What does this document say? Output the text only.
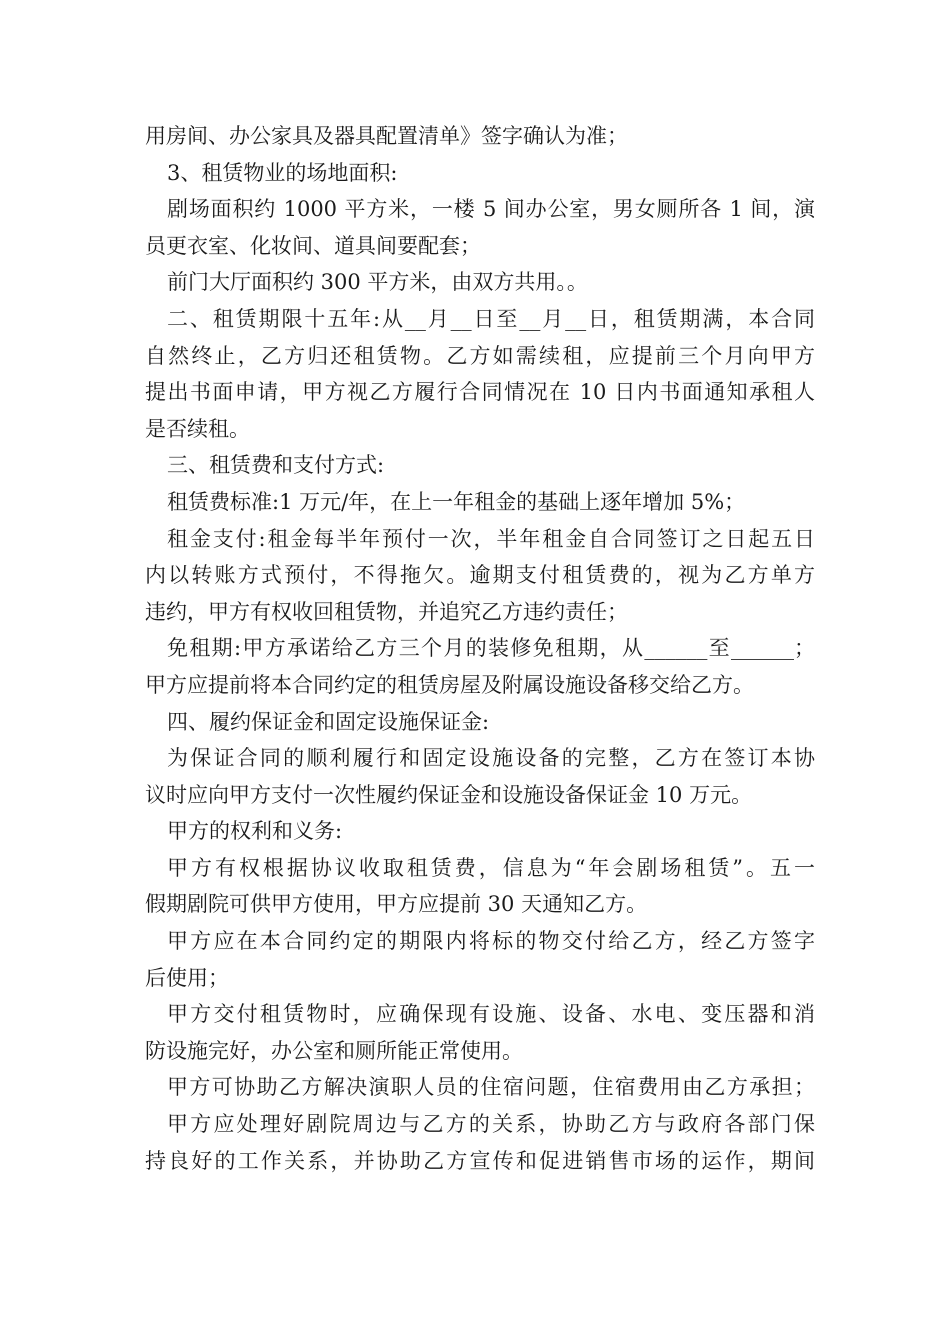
用房间、办公家具及器具配置清单》签字确认为准；
3、租赁物业的场地面积:
剧场面积约 1000 平方米，一楼 5 间办公室，男女厕所各 1 间，演
员更衣室、化妆间、道具间要配套；
前门大厅面积约 300 平方米，由双方共用。。
二、租赁期限十五年:从__月__日至__月__日，租赁期满，本合同
自然终止，乙方归还租赁物。乙方如需续租，应提前三个月向甲方
提出书面申请，甲方视乙方履行合同情况在 10 日内书面通知承租人
是否续租。
三、租赁费和支付方式:
租赁费标准:1 万元/年，在上一年租金的基础上逐年增加 5%；
租金支付:租金每半年预付一次，半年租金自合同签订之日起五日
内以转账方式预付，不得拖欠。逾期支付租赁费的，视为乙方单方
违约，甲方有权收回租赁物，并追究乙方违约责任；
免租期:甲方承诺给乙方三个月的装修免租期，从______至______；
甲方应提前将本合同约定的租赁房屋及附属设施设备移交给乙方。
四、履约保证金和固定设施保证金:
为保证合同的顺利履行和固定设施设备的完整，乙方在签订本协
议时应向甲方支付一次性履约保证金和设施设备保证金 10 万元。
甲方的权利和义务:
甲方有权根据协议收取租赁费，信息为“年会剧场租赁”。五一
假期剧院可供甲方使用，甲方应提前 30 天通知乙方。
甲方应在本合同约定的期限内将标的物交付给乙方，经乙方签字
后使用；
甲方交付租赁物时，应确保现有设施、设备、水电、变压器和消
防设施完好，办公室和厕所能正常使用。
甲方可协助乙方解决演职人员的住宿问题，住宿费用由乙方承担；
甲方应处理好剧院周边与乙方的关系，协助乙方与政府各部门保
持良好的工作关系，并协助乙方宣传和促进销售市场的运作，期间
